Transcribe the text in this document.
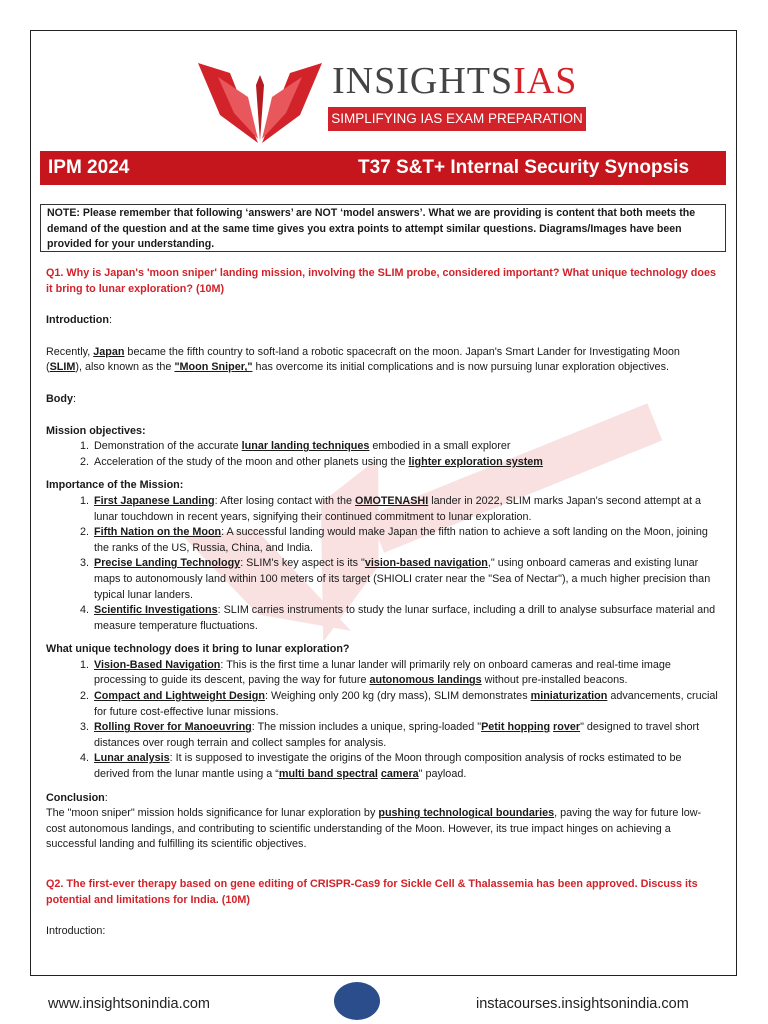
INSIGHTSIAS
SIMPLIFYING IAS EXAM PREPARATION
IPM 2024	T37 S&T+ Internal Security Synopsis
NOTE: Please remember that following ‘answers’ are NOT ‘model answers’. What we are providing is content that both meets the demand of the question and at the same time gives you extra points to attempt similar questions. Diagrams/Images have been provided for your understanding.

Q1. Why is Japan's 'moon sniper' landing mission, involving the SLIM probe, considered important? What unique technology does it bring to lunar exploration? (10M)

Introduction:

Recently, Japan became the fifth country to soft-land a robotic spacecraft on the moon. Japan's Smart Lander for Investigating Moon (SLIM), also known as the "Moon Sniper," has overcome its initial complications and is now pursuing lunar exploration objectives.

Body:

Mission objectives:

1. Demonstration of the accurate lunar landing techniques embodied in a small explorer
2. Acceleration of the study of the moon and other planets using the lighter exploration system

Importance of the Mission:

1. First Japanese Landing: After losing contact with the OMOTENASHI lander in 2022, SLIM marks Japan's second attempt at a lunar touchdown in recent years, signifying their continued commitment to lunar exploration.
2. Fifth Nation on the Moon: A successful landing would make Japan the fifth nation to achieve a soft landing on the Moon, joining the ranks of the US, Russia, China, and India.
3. Precise Landing Technology: SLIM's key aspect is its "vision-based navigation," using onboard cameras and existing lunar maps to autonomously land within 100 meters of its target (SHIOLI crater near the "Sea of Nectar"), a much higher precision than typical lunar landers.
4. Scientific Investigations: SLIM carries instruments to study the lunar surface, including a drill to analyse subsurface material and measure temperature fluctuations.

What unique technology does it bring to lunar exploration?

1. Vision-Based Navigation: This is the first time a lunar lander will primarily rely on onboard cameras and real-time image processing to guide its descent, paving the way for future autonomous landings without pre-installed beacons.
2. Compact and Lightweight Design: Weighing only 200 kg (dry mass), SLIM demonstrates miniaturization advancements, crucial for future cost-effective lunar missions.
3. Rolling Rover for Manoeuvring: The mission includes a unique, spring-loaded "Petit hopping rover" designed to travel short distances over rough terrain and collect samples for analysis.
4. Lunar analysis: It is supposed to investigate the origins of the Moon through composition analysis of rocks estimated to be derived from the lunar mantle using a “multi band spectral camera" payload.

Conclusion:

The "moon sniper" mission holds significance for lunar exploration by pushing technological boundaries, paving the way for future low-cost autonomous landings, and contributing to scientific understanding of the Moon. However, its true impact hinges on achieving a successful landing and fulfilling its scientific objectives.

Q2. The first-ever therapy based on gene editing of CRISPR-Cas9 for Sickle Cell & Thalassemia has been approved. Discuss its potential and limitations for India. (10M)

Introduction:

www.insightsonindia.com	instacourses.insightsonindia.com
